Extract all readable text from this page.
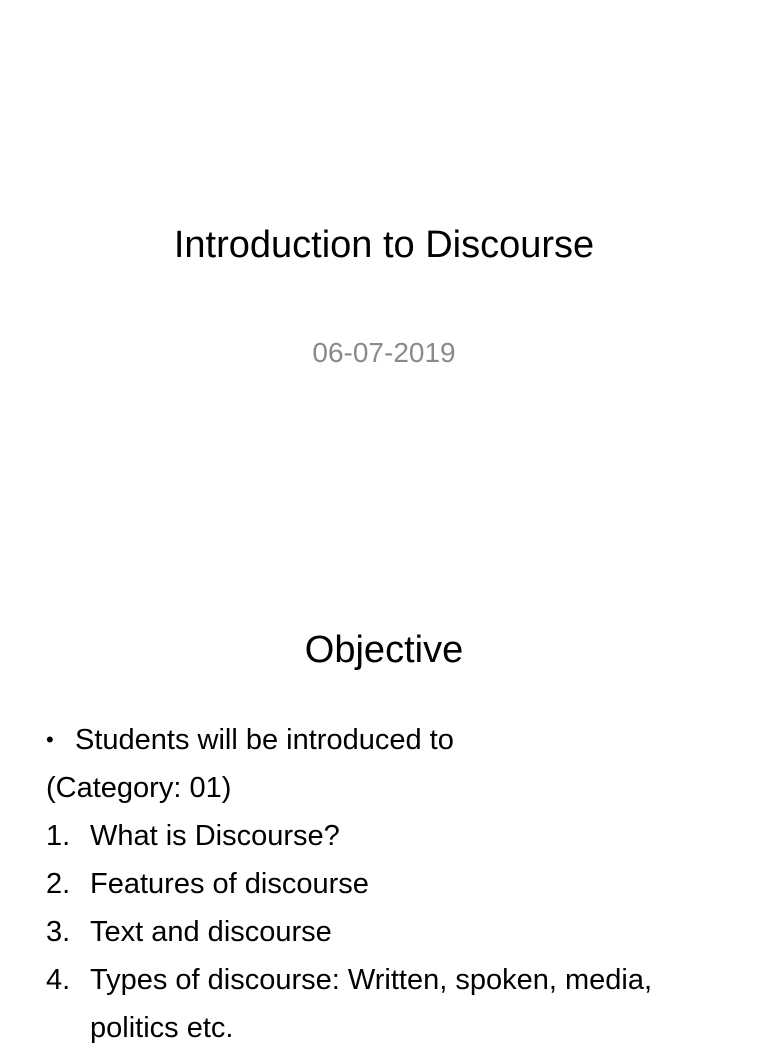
Introduction to Discourse
06-07-2019
Objective
• Students will be introduced to
(Category: 01)
1. What is Discourse?
2. Features of discourse
3. Text and discourse
4. Types of discourse: Written, spoken, media, politics etc.
